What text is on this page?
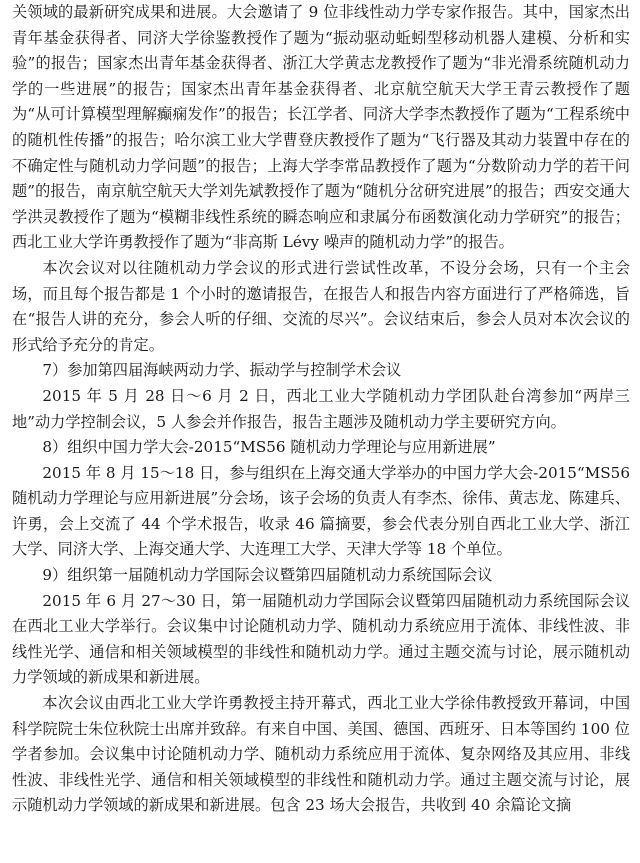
关领域的最新研究成果和进展。大会邀请了 9 位非线性动力学专家作报告。其中，国家杰出青年基金获得者、同济大学徐鉴教授作了题为“振动驱动蚯蚓型移动机器人建模、分析和实验”的报告；国家杰出青年基金获得者、浙江大学黄志龙教授作了题为“非光滑系统随机动力学的一些进展”的报告；国家杰出青年基金获得者、北京航空航天大学王青云教授作了题为“从可计算模型理解癫痫发作”的报告；长江学者、同济大学李杰教授作了题为“工程系统中的随机性传播”的报告；哈尔滨工业大学曹登庆教授作了题为“飞行器及其动力装置中存在的不确定性与随机动力学问题”的报告；上海大学李常品教授作了题为“分数阶动力学的若干问题”的报告，南京航空航天大学刘先斌教授作了题为“随机分岔研究进展”的报告；西安交通大学洪灵教授作了题为“模糊非线性系统的瞬态响应和隶属分布函数演化动力学研究”的报告；西北工业大学许勇教授作了题为“非高斯 Lévy 噪声的随机动力学”的报告。

本次会议对以往随机动力学会议的形式进行尝试性改革，不设分会场，只有一个主会场，而且每个报告都是 1 个小时的邀请报告，在报告人和报告内容方面进行了严格筛选，旨在“报告人讲的充分，参会人听的仔细、交流的尽兴”。会议结束后，参会人员对本次会议的形式给予充分的肯定。

7）参加第四届海峡两动力学、振动学与控制学术会议

2015 年 5 月 28 日～6 月 2 日，西北工业大学随机动力学团队赴台湾参加“两岸三地”动力学控制会议，5 人参会并作报告，报告主题涉及随机动力学主要研究方向。

8）组织中国力学大会-2015“MS56 随机动力学理论与应用新进展”

2015 年 8 月 15～18 日，参与组织在上海交通大学举办的中国力学大会-2015“MS56 随机动力学理论与应用新进展”分会场，该子会场的负责人有李杰、徐伟、黄志龙、陈建兵、许勇，会上交流了 44 个学术报告，收录 46 篇摘要，参会代表分别自西北工业大学、浙江大学、同济大学、上海交通大学、大连理工大学、天津大学等 18 个单位。

9）组织第一届随机动力学国际会议暨第四届随机动力系统国际会议

2015 年 6 月 27～30 日，第一届随机动力学国际会议暨第四届随机动力系统国际会议在西北工业大学举行。会议集中讨论随机动力学、随机动力系统应用于流体、非线性波、非线性光学、通信和相关领域模型的非线性和随机动力学。通过主题交流与讨论，展示随机动力学领域的新成果和新进展。

本次会议由西北工业大学许勇教授主持开幕式，西北工业大学徐伟教授致开幕词，中国科学院院士朱位秋院士出席并致辞。有来自中国、美国、德国、西班牙、日本等国约 100 位学者参加。会议集中讨论随机动力学、随机动力系统应用于流体、复杂网络及其应用、非线性波、非线性光学、通信和相关领域模型的非线性和随机动力学。通过主题交流与讨论，展示随机动力学领域的新成果和新进展。包含 23 场大会报告，共收到 40 余篇论文摘
